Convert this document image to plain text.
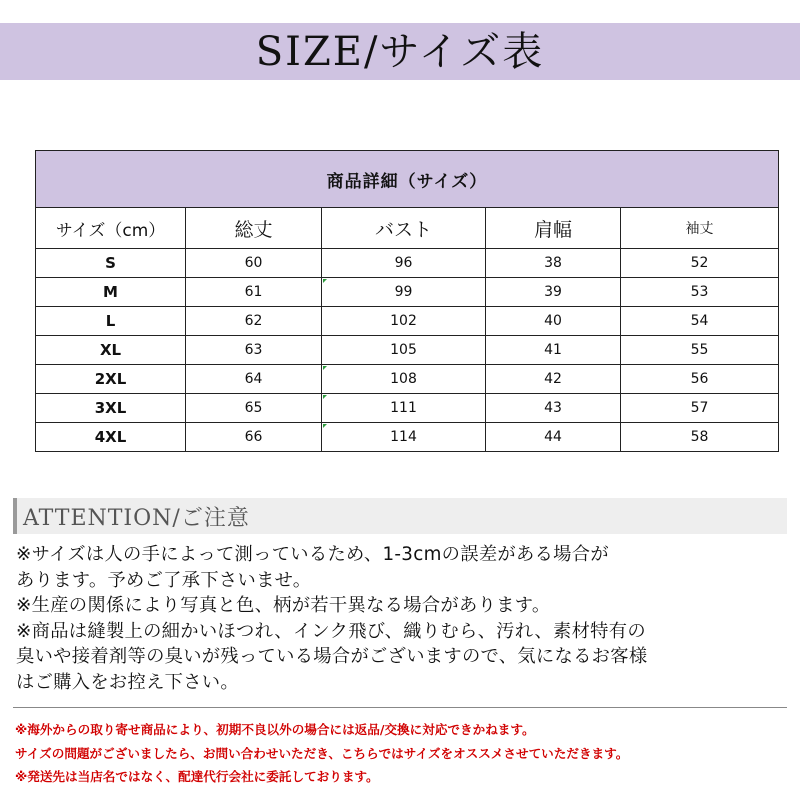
SIZE/サイズ表
商品詳細（サイズ）				
サイズ（cm）	総丈	バスト	肩幅	袖丈
S	60	96	38	52
M	61	99	39	53
L	62	102	40	54
XL	63	105	41	55
2XL	64	108	42	56
3XL	65	111	43	57
4XL	66	114	44	58
ATTENTION/ご注意
※サイズは人の手によって測っているため、1-3cmの誤差がある場合が
あります。予めご了承下さいませ。
※生産の関係により写真と色、柄が若干異なる場合があります。
※商品は縫製上の細かいほつれ、インク飛び、織りむら、汚れ、素材特有の
臭いや接着剤等の臭いが残っている場合がございますので、気になるお客様
はご購入をお控え下さい。
※海外からの取り寄せ商品により、初期不良以外の場合には返品/交換に対応できかねます。
サイズの問題がございましたら、お問い合わせいただき、こちらではサイズをオススメさせていただきます。
※発送先は当店名ではなく、配達代行会社に委託しております。
